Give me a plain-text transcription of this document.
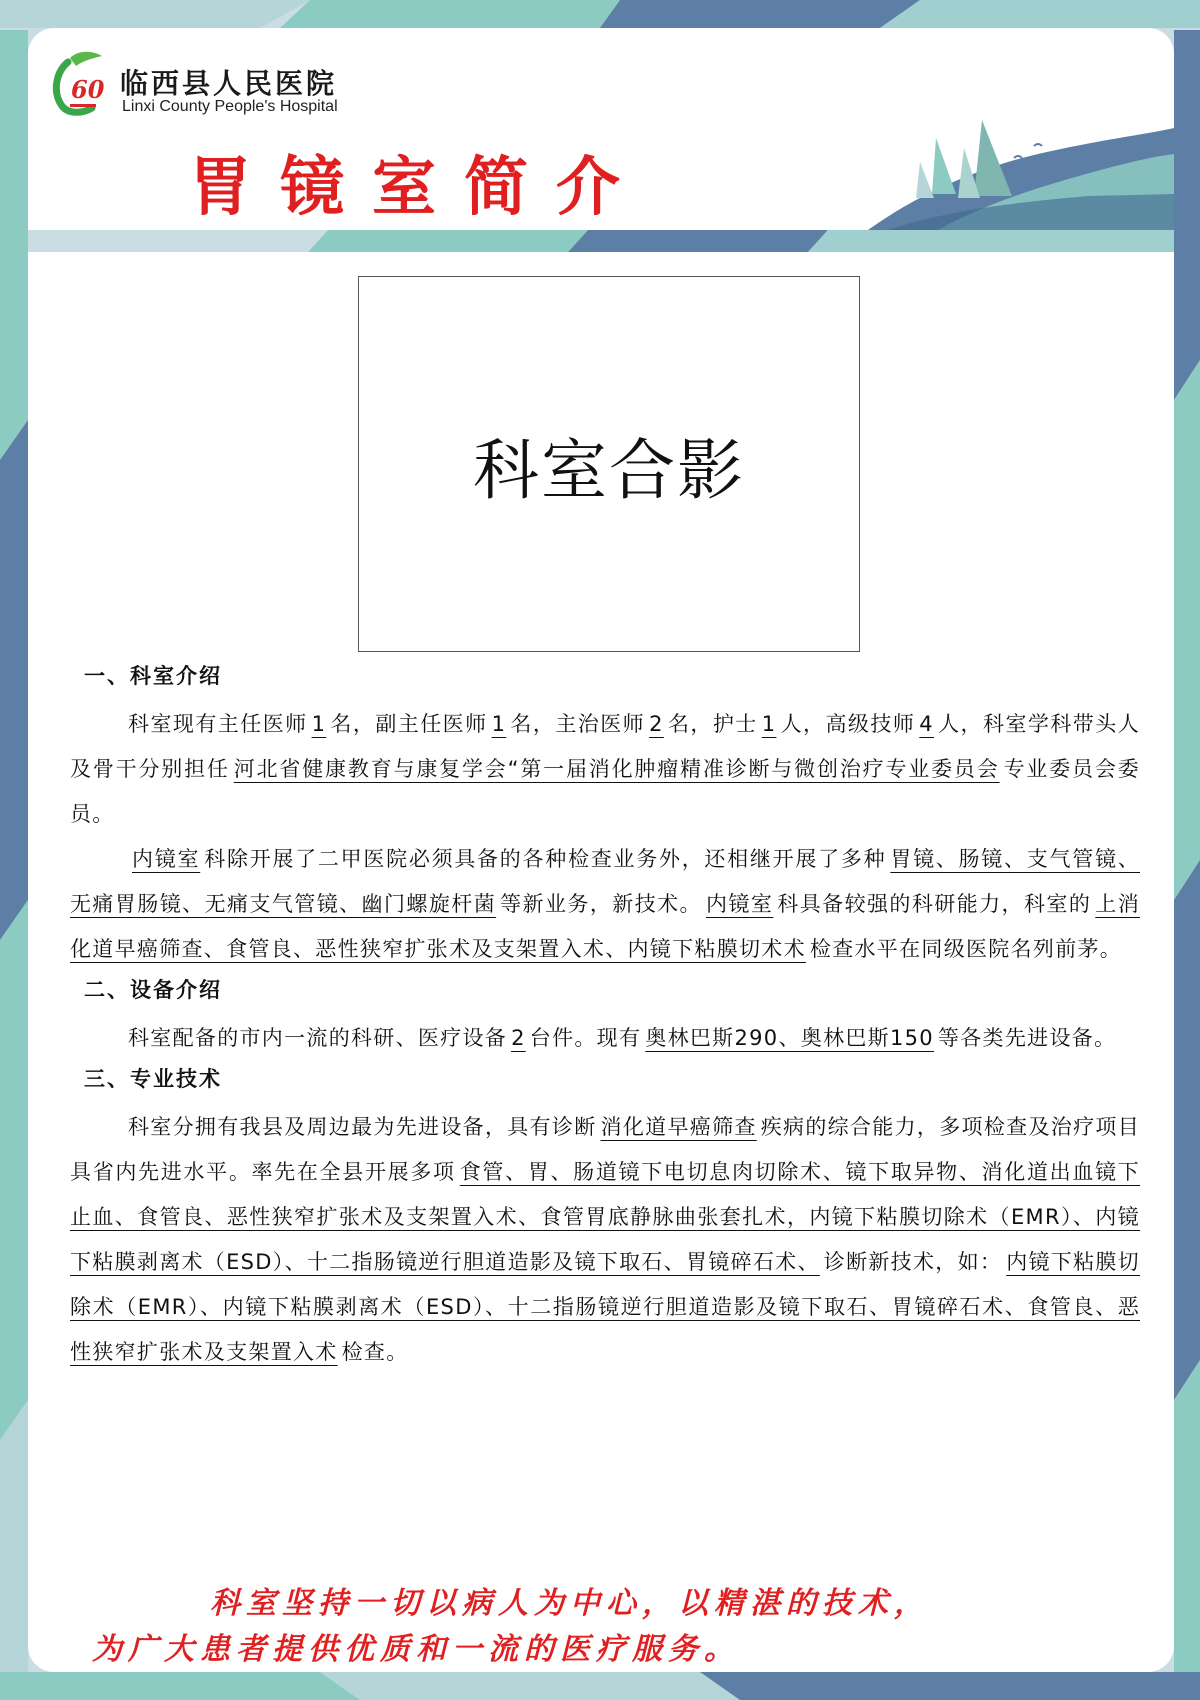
60 临西县人民医院
Linxi County People's Hospital
胃镜室简介
科室合影
一、科室介绍

科室现有主任医师 1 名，副主任医师 1 名，主治医师 2 名，护士 1 人，高级技师 4 人，科室学科带头人及骨干分别担任 河北省健康教育与康复学会“第一届消化肿瘤精准诊断与微创治疗专业委员会 专业委员会委员。

内镜室 科除开展了二甲医院必须具备的各种检查业务外，还相继开展了多种 胃镜、肠镜、支气管镜、无痛胃肠镜、无痛支气管镜、幽门螺旋杆菌 等新业务，新技术。 内镜室 科具备较强的科研能力，科室的 上消化道早癌筛查、食管良、恶性狭窄扩张术及支架置入术、内镜下粘膜切术术 检查水平在同级医院名列前茅。

二、设备介绍

科室配备的市内一流的科研、医疗设备 2 台件。现有 奥林巴斯290、奥林巴斯150 等各类先进设备。

三、专业技术

科室分拥有我县及周边最为先进设备，具有诊断 消化道早癌筛查 疾病的综合能力，多项检查及治疗项目具省内先进水平。率先在全县开展多项 食管、胃、肠道镜下电切息肉切除术、镜下取异物、消化道出血镜下止血、食管良、恶性狭窄扩张术及支架置入术、食管胃底静脉曲张套扎术，内镜下粘膜切除术（EMR）、内镜下粘膜剥离术（ESD）、十二指肠镜逆行胆道造影及镜下取石、胃镜碎石术、 诊断新技术，如： 内镜下粘膜切除术（EMR）、内镜下粘膜剥离术（ESD）、十二指肠镜逆行胆道造影及镜下取石、胃镜碎石术、食管良、恶性狭窄扩张术及支架置入术 检查。

科室坚持一切以病人为中心，以精湛的技术，
为广大患者提供优质和一流的医疗服务。
